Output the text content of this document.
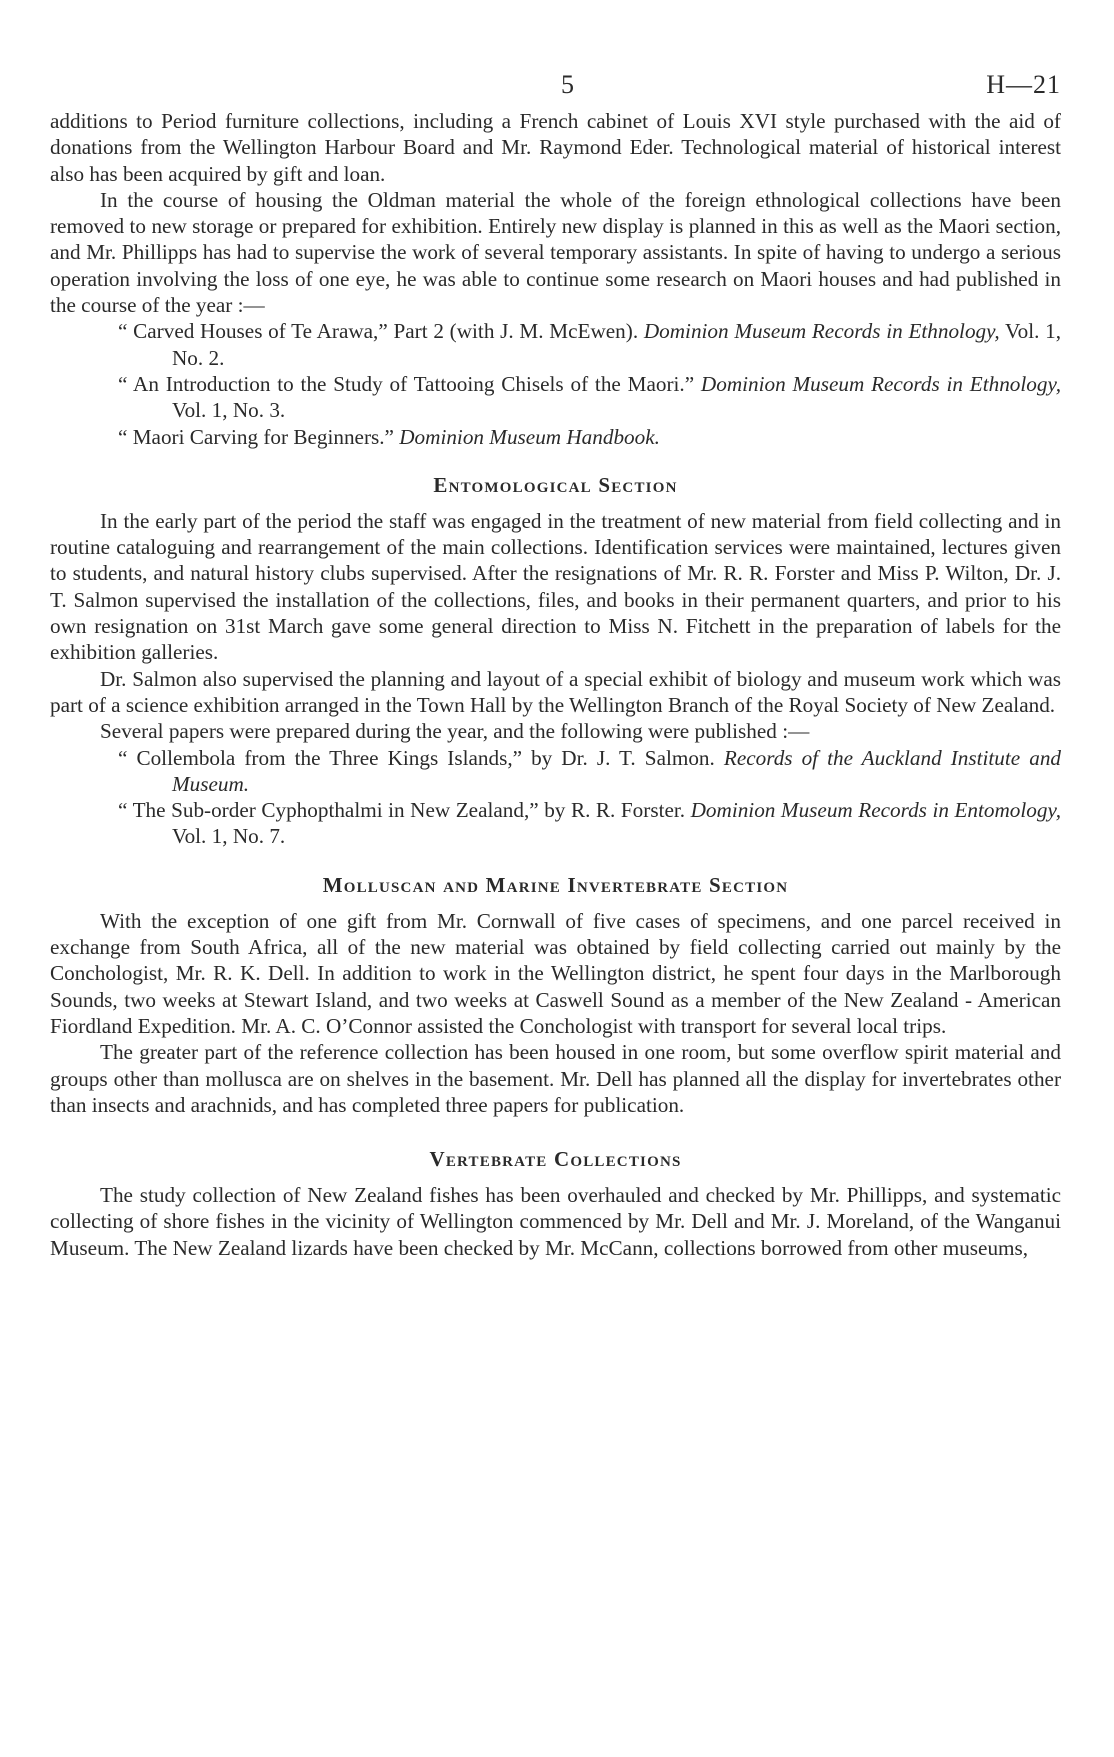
5	H—21

additions to Period furniture collections, including a French cabinet of Louis XVI style purchased with the aid of donations from the Wellington Harbour Board and Mr. Raymond Eder. Technological material of historical interest also has been acquired by gift and loan.

In the course of housing the Oldman material the whole of the foreign ethnological collections have been removed to new storage or prepared for exhibition. Entirely new display is planned in this as well as the Maori section, and Mr. Phillipps has had to supervise the work of several temporary assistants. In spite of having to undergo a serious operation involving the loss of one eye, he was able to continue some research on Maori houses and had published in the course of the year :—

“ Carved Houses of Te Arawa,” Part 2 (with J. M. McEwen). Dominion Museum Records in Ethnology, Vol. 1, No. 2.

“ An Introduction to the Study of Tattooing Chisels of the Maori.” Dominion Museum Records in Ethnology, Vol. 1, No. 3.

“ Maori Carving for Beginners.” Dominion Museum Handbook.

Entomological Section

In the early part of the period the staff was engaged in the treatment of new material from field collecting and in routine cataloguing and rearrangement of the main collections. Identification services were maintained, lectures given to students, and natural history clubs supervised. After the resignations of Mr. R. R. Forster and Miss P. Wilton, Dr. J. T. Salmon supervised the installation of the collections, files, and books in their permanent quarters, and prior to his own resignation on 31st March gave some general direction to Miss N. Fitchett in the preparation of labels for the exhibition galleries.

Dr. Salmon also supervised the planning and layout of a special exhibit of biology and museum work which was part of a science exhibition arranged in the Town Hall by the Wellington Branch of the Royal Society of New Zealand.

Several papers were prepared during the year, and the following were published :—

“ Collembola from the Three Kings Islands,” by Dr. J. T. Salmon. Records of the Auckland Institute and Museum.

“ The Sub-order Cyphopthalmi in New Zealand,” by R. R. Forster. Dominion Museum Records in Entomology, Vol. 1, No. 7.

Molluscan and Marine Invertebrate Section

With the exception of one gift from Mr. Cornwall of five cases of specimens, and one parcel received in exchange from South Africa, all of the new material was obtained by field collecting carried out mainly by the Conchologist, Mr. R. K. Dell. In addition to work in the Wellington district, he spent four days in the Marlborough Sounds, two weeks at Stewart Island, and two weeks at Caswell Sound as a member of the New Zealand - American Fiordland Expedition. Mr. A. C. O’Connor assisted the Conchologist with transport for several local trips.

The greater part of the reference collection has been housed in one room, but some overflow spirit material and groups other than mollusca are on shelves in the basement. Mr. Dell has planned all the display for invertebrates other than insects and arachnids, and has completed three papers for publication.

Vertebrate Collections

The study collection of New Zealand fishes has been overhauled and checked by Mr. Phillipps, and systematic collecting of shore fishes in the vicinity of Wellington commenced by Mr. Dell and Mr. J. Moreland, of the Wanganui Museum. The New Zealand lizards have been checked by Mr. McCann, collections borrowed from other museums,
